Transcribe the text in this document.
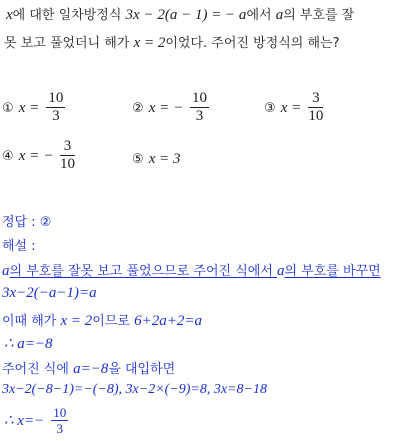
x에 대한 일차방정식 3x − 2(a − 1) = − a에서 a의 부호를 잘
못 보고 풀었더니 해가 x = 2이었다. 주어진 방정식의 해는?
① $x = \frac{10}{3}$	② x = − $\frac{10}{3}$	③ $x = \frac{3}{10}$
④ x = − $\frac{3}{10}$	⑤ x = 3
정답 : ②
해설 :
a의 부호를 잘못 보고 풀었으므로 주어진 식에서 a의 부호를 바꾸면
3x−2(−a−1)=a
이때 해가 x = 2이므로 6+2a+2=a
∴ a=−8
주어진 식에 a=−8을 대입하면
3x−2(−8−1)=−(−8), 3x−2×(−9)=8, 3x=8−18
∴ $x=- \frac{10}{3}$
